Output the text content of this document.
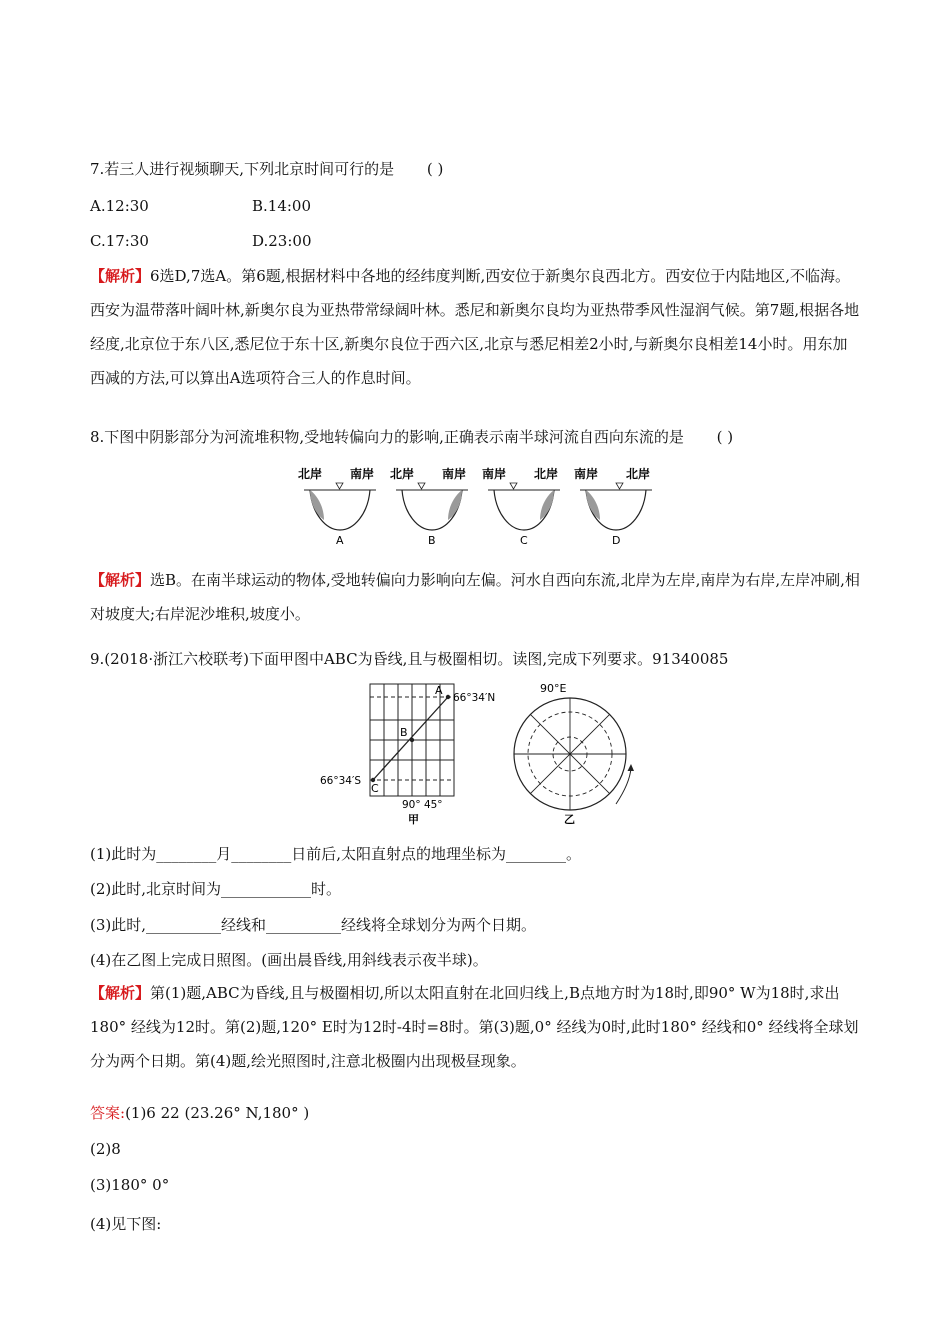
7.若三人进行视频聊天,下列北京时间可行的是 ( )
A.12:30	B.14:00
C.17:30	D.23:00
【解析】6选D,7选A。第6题,根据材料中各地的经纬度判断,西安位于新奥尔良西北方。西安位于内陆地区,不临海。西安为温带落叶阔叶林,新奥尔良为亚热带常绿阔叶林。悉尼和新奥尔良均为亚热带季风性湿润气候。第7题,根据各地经度,北京位于东八区,悉尼位于东十区,新奥尔良位于西六区,北京与悉尼相差2小时,与新奥尔良相差14小时。用东加西减的方法,可以算出A选项符合三人的作息时间。
8.下图中阴影部分为河流堆积物,受地转偏向力的影响,正确表示南半球河流自西向东流的是 ( )
北岸 南岸
A
北岸 南岸
B
南岸 北岸
C
南岸 北岸
D
【解析】选B。在南半球运动的物体,受地转偏向力影响向左偏。河水自西向东流,北岸为左岸,南岸为右岸,左岸冲刷,相对坡度大;右岸泥沙堆积,坡度小。
9.(2018·浙江六校联考)下面甲图中ABC为昏线,且与极圈相切。读图,完成下列要求。91340085
A
B
C
66°34′N
66°34′S
90° 45°
甲
90°E
乙
(1)此时为________月________日前后,太阳直射点的地理坐标为________。
(2)此时,北京时间为____________时。
(3)此时,__________经线和__________经线将全球划分为两个日期。
(4)在乙图上完成日照图。(画出晨昏线,用斜线表示夜半球)。
【解析】第(1)题,ABC为昏线,且与极圈相切,所以太阳直射在北回归线上,B点地方时为18时,即90° W为18时,求出180° 经线为12时。第(2)题,120° E时为12时-4时=8时。第(3)题,0° 经线为0时,此时180° 经线和0° 经线将全球划分为两个日期。第(4)题,绘光照图时,注意北极圈内出现极昼现象。
答案:(1)6 22 (23.26° N,180° )
(2)8
(3)180° 0°
(4)见下图:
